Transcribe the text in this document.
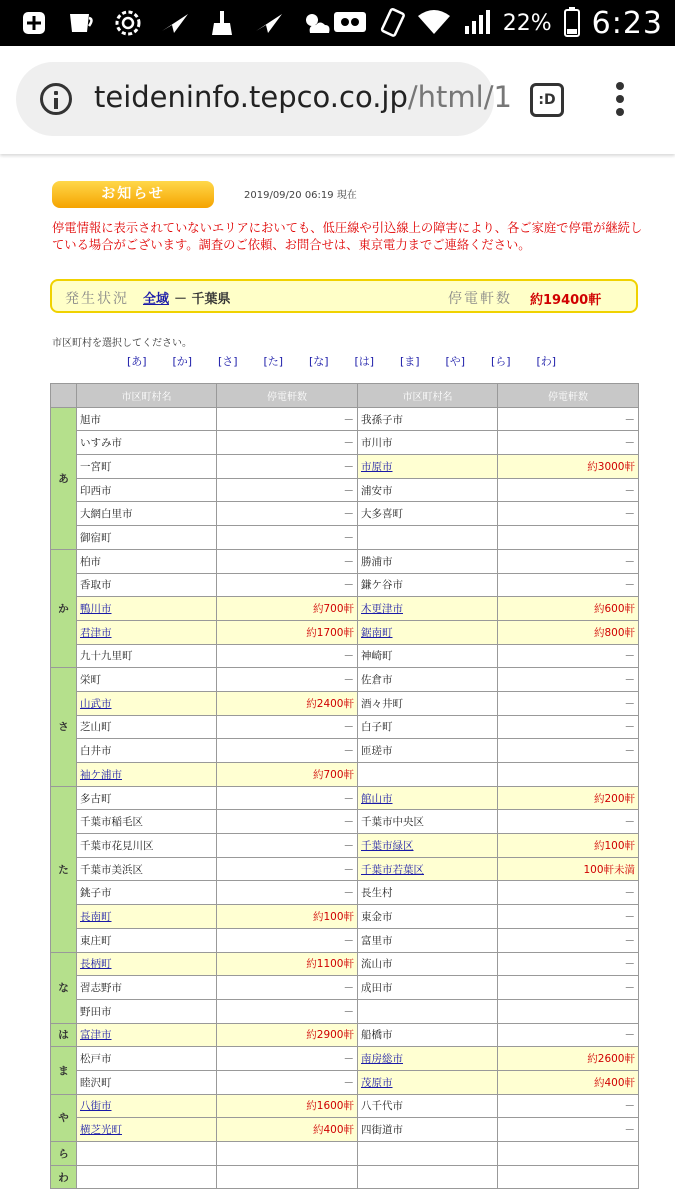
22% 6:23
teideninfo.tepco.co.jp/html/1	:D
お知らせ	2019/09/20 06:19 現在
停電情報に表示されていないエリアにおいても、低圧線や引込線上の障害により、各ご家庭で停電が継続している場合がございます。調査のご依頼、お問合せは、東京電力までご連絡ください。
発生状況 全域 － 千葉県	停電軒数 約19400軒
市区町村を選択してください。
[あ]	[か]	[さ]	[た]	[な]	[は]	[ま]	[や]	[ら]	[わ]
	市区町村名	停電軒数	市区町村名	停電軒数
あ	旭市	－	我孫子市	－
	いすみ市	－	市川市	－
	一宮町	－	市原市	約3000軒
	印西市	－	浦安市	－
	大網白里市	－	大多喜町	－
	御宿町	－		
か	柏市	－	勝浦市	－
	香取市	－	鎌ケ谷市	－
	鴨川市	約700軒	木更津市	約600軒
	君津市	約1700軒	鋸南町	約800軒
	九十九里町	－	神崎町	－
さ	栄町	－	佐倉市	－
	山武市	約2400軒	酒々井町	－
	芝山町	－	白子町	－
	白井市	－	匝瑳市	－
	袖ケ浦市	約700軒		
た	多古町	－	館山市	約200軒
	千葉市稲毛区	－	千葉市中央区	－
	千葉市花見川区	－	千葉市緑区	約100軒
	千葉市美浜区	－	千葉市若葉区	100軒未満
	銚子市	－	長生村	－
	長南町	約100軒	東金市	－
	東庄町	－	富里市	－
な	長柄町	約1100軒	流山市	－
	習志野市	－	成田市	－
	野田市	－		
は	富津市	約2900軒	船橋市	－
ま	松戸市	－	南房総市	約2600軒
	睦沢町	－	茂原市	約400軒
や	八街市	約1600軒	八千代市	－
	横芝光町	約400軒	四街道市	－
ら				
わ				
